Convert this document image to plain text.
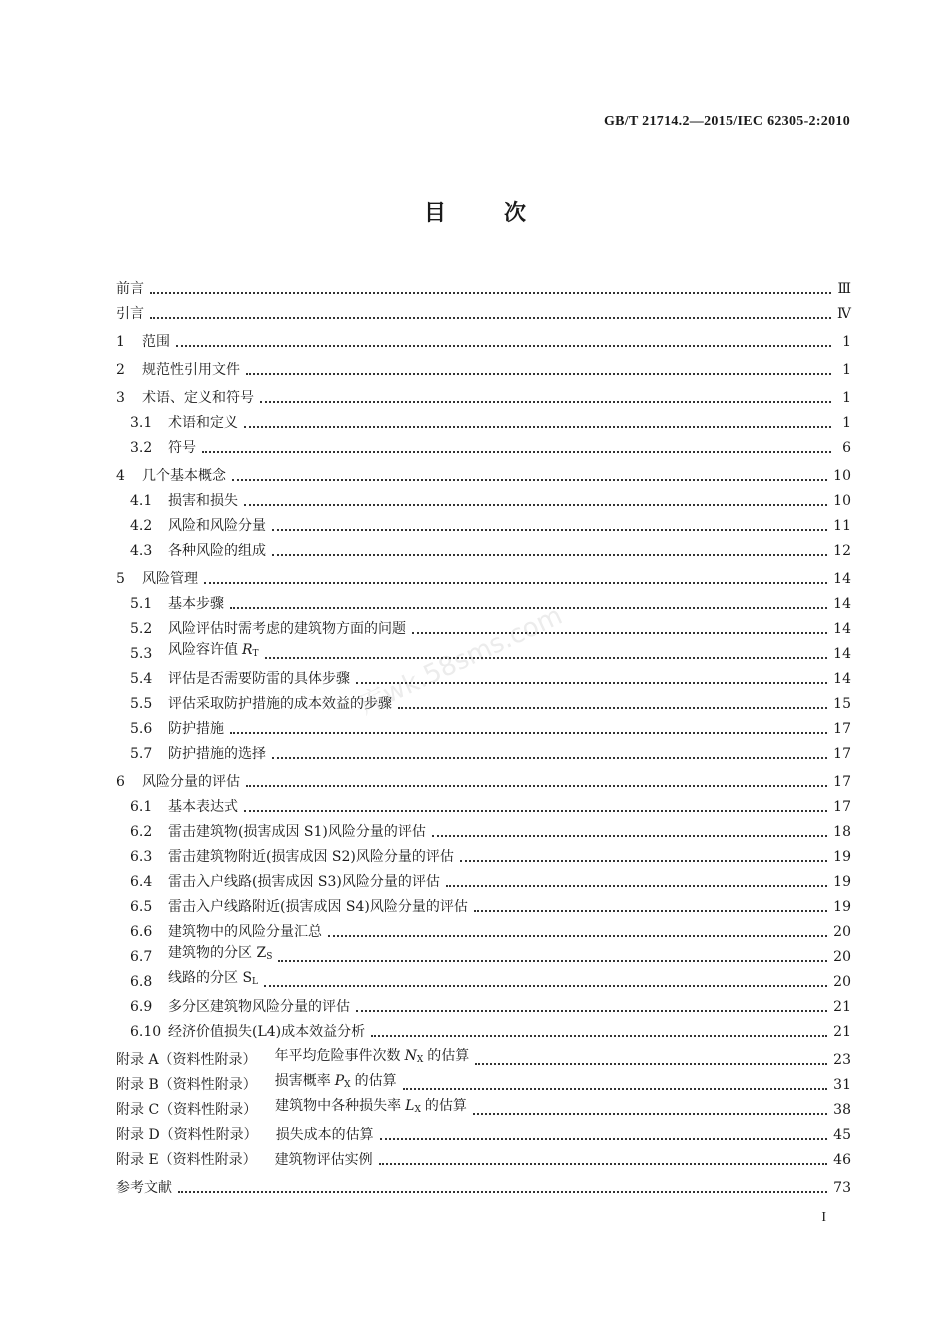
GB/T 21714.2—2015/IEC 62305-2:2010
目次
库wk.58sms.com
前言	Ⅲ
引言	Ⅳ
1	范围	1
2	规范性引用文件	1
3	术语、定义和符号	1
3.1	术语和定义	1
3.2	符号	6
4	几个基本概念	10
4.1	损害和损失	10
4.2	风险和风险分量	11
4.3	各种风险的组成	12
5	风险管理	14
5.1	基本步骤	14
5.2	风险评估时需考虑的建筑物方面的问题	14
5.3	风险容许值 $R_T$	14
5.4	评估是否需要防雷的具体步骤	14
5.5	评估采取防护措施的成本效益的步骤	15
5.6	防护措施	17
5.7	防护措施的选择	17
6	风险分量的评估	17
6.1	基本表达式	17
6.2	雷击建筑物(损害成因 S1)风险分量的评估	18
6.3	雷击建筑物附近(损害成因 S2)风险分量的评估	19
6.4	雷击入户线路(损害成因 S3)风险分量的评估	19
6.5	雷击入户线路附近(损害成因 S4)风险分量的评估	19
6.6	建筑物中的风险分量汇总	20
6.7	建筑物的分区 $Z_S$	20
6.8	线路的分区 $S_L$	20
6.9	多分区建筑物风险分量的评估	21
6.10 经济价值损失(L4)成本效益分析	21
附录 A（资料性附录） 年平均危险事件次数 $N_X$ 的估算	23
附录 B（资料性附录） 损害概率 $P_X$ 的估算	31
附录 C（资料性附录） 建筑物中各种损失率 $L_X$ 的估算	38
附录 D（资料性附录） 损失成本的估算	45
附录 E（资料性附录） 建筑物评估实例	46
参考文献	73
I
